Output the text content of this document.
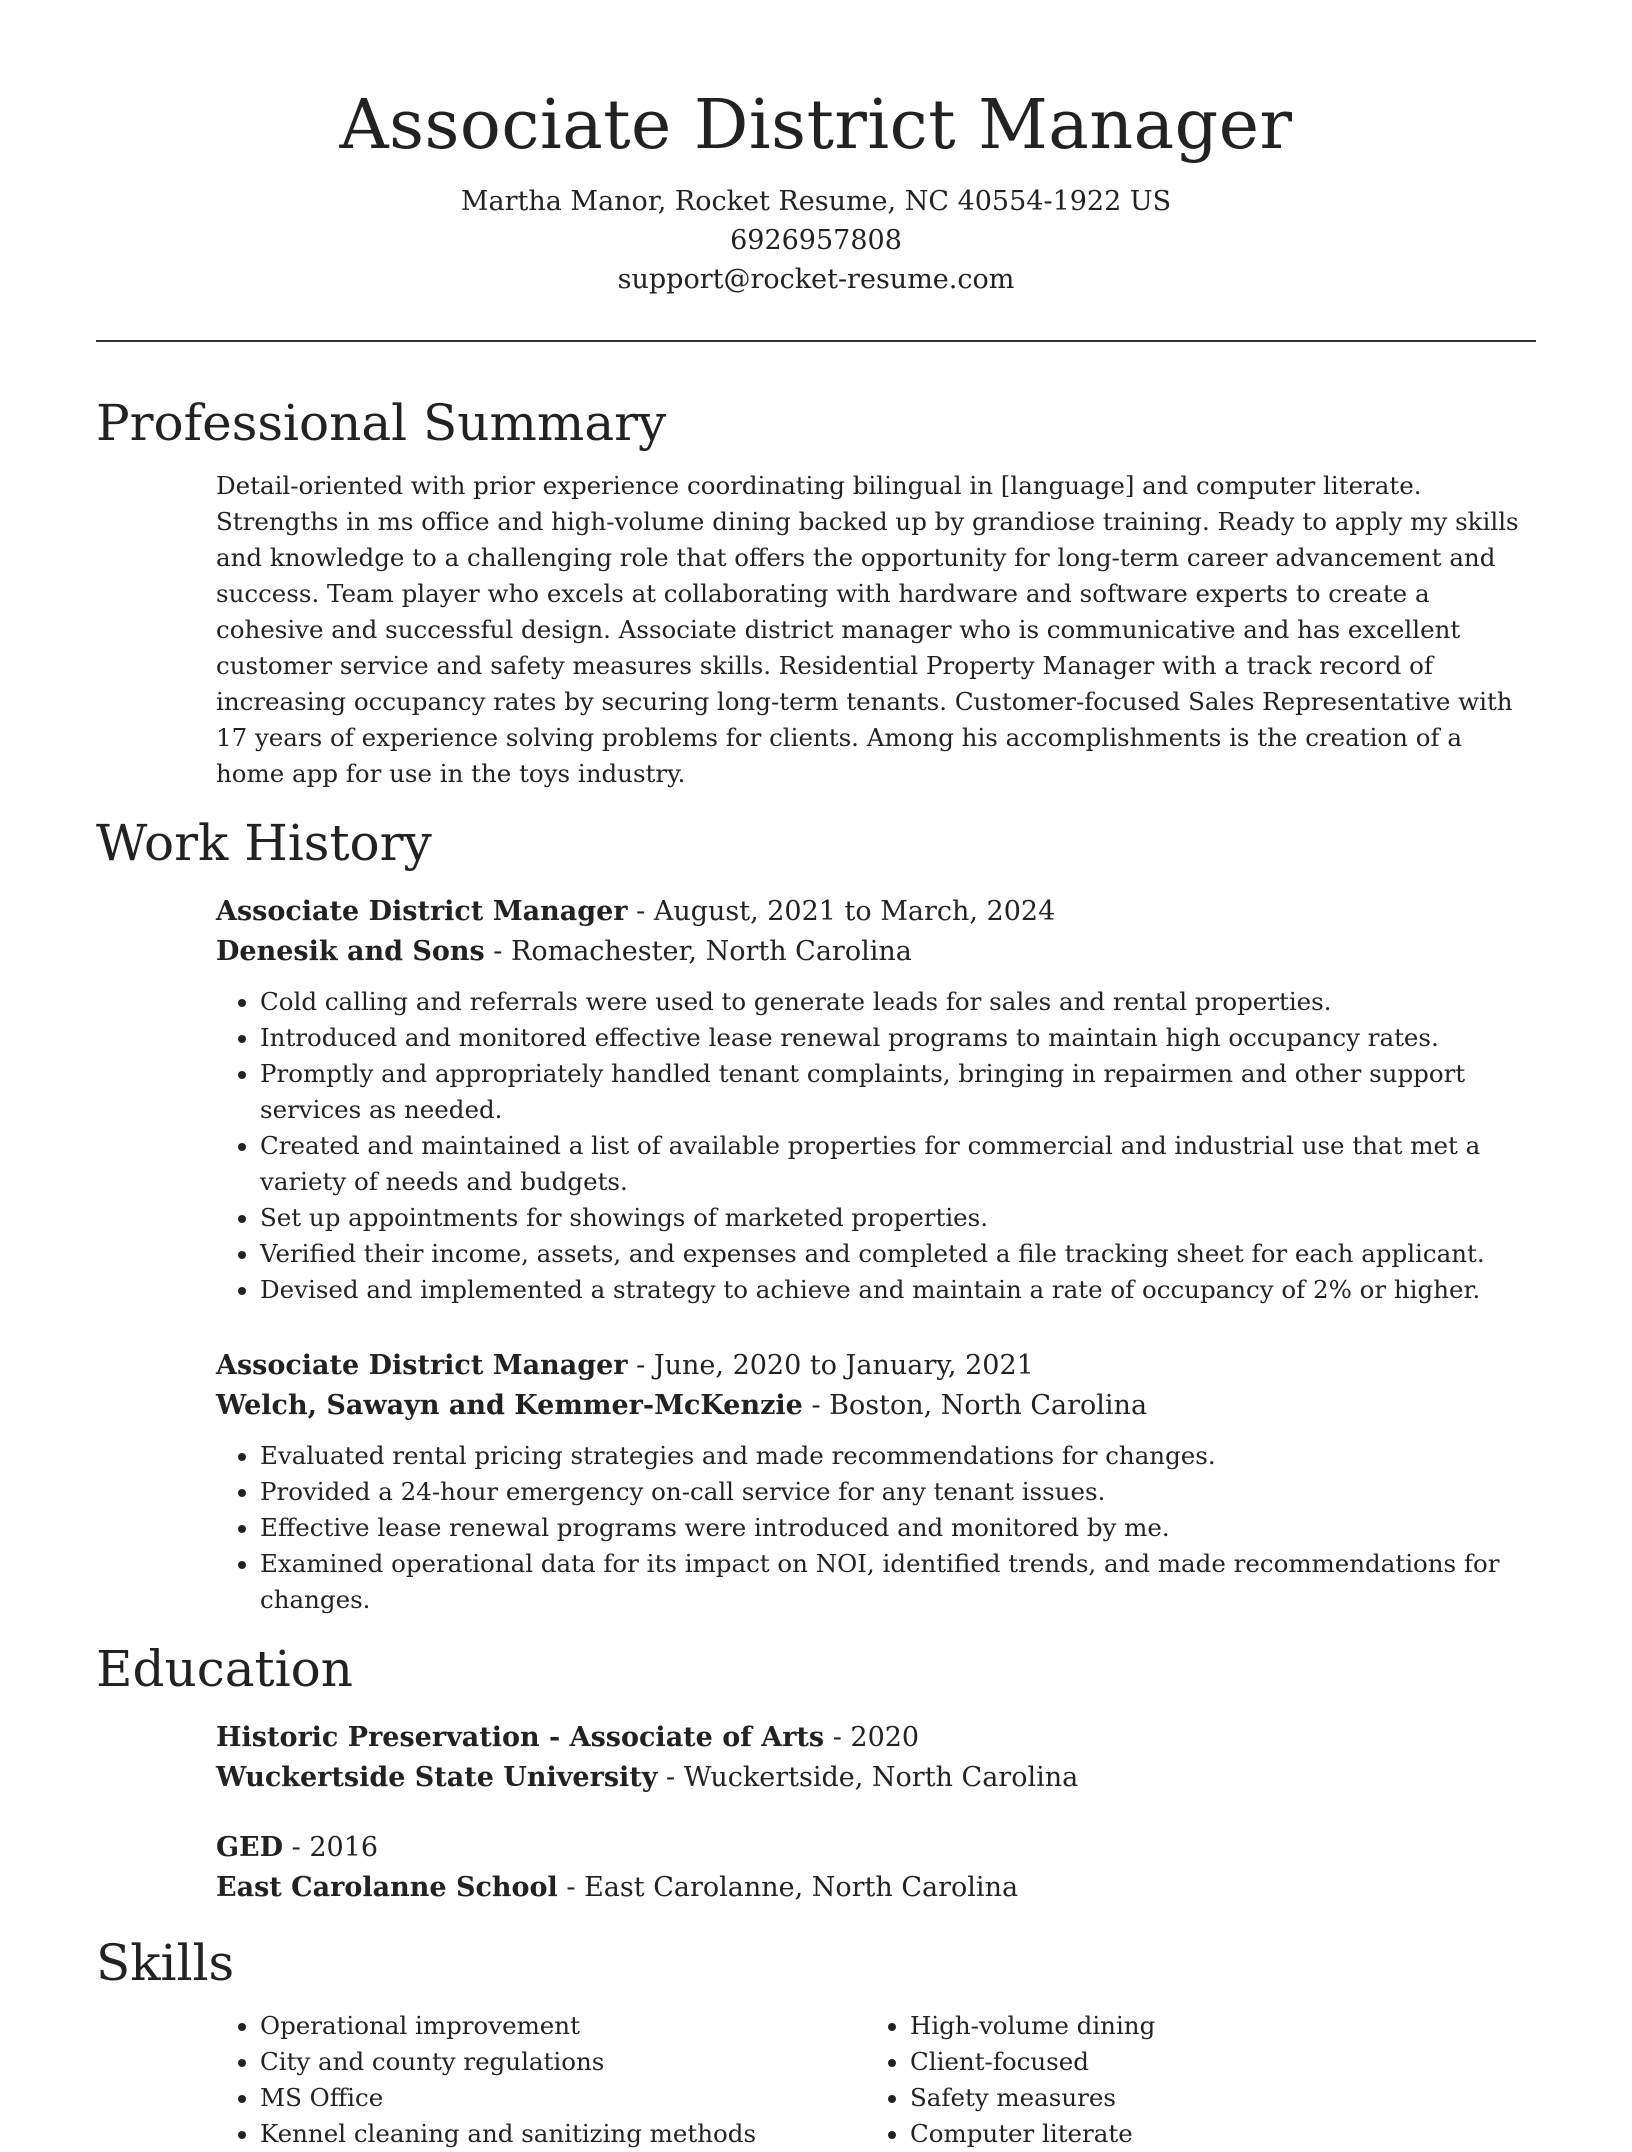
Associate District Manager

Martha Manor, Rocket Resume, NC 40554-1922 US

6926957808

support@rocket-resume.com

Professional Summary

Detail-oriented with prior experience coordinating bilingual in [language] and computer literate. Strengths in ms office and high-volume dining backed up by grandiose training. Ready to apply my skills and knowledge to a challenging role that offers the opportunity for long-term career advancement and success. Team player who excels at collaborating with hardware and software experts to create a cohesive and successful design. Associate district manager who is communicative and has excellent customer service and safety measures skills. Residential Property Manager with a track record of increasing occupancy rates by securing long-term tenants. Customer-focused Sales Representative with 17 years of experience solving problems for clients. Among his accomplishments is the creation of a home app for use in the toys industry.

Work History

Associate District Manager - August, 2021 to March, 2024

Denesik and Sons - Romachester, North Carolina

• Cold calling and referrals were used to generate leads for sales and rental properties.
• Introduced and monitored effective lease renewal programs to maintain high occupancy rates.
• Promptly and appropriately handled tenant complaints, bringing in repairmen and other support services as needed.
• Created and maintained a list of available properties for commercial and industrial use that met a variety of needs and budgets.
• Set up appointments for showings of marketed properties.
• Verified their income, assets, and expenses and completed a file tracking sheet for each applicant.
• Devised and implemented a strategy to achieve and maintain a rate of occupancy of 2% or higher.

Associate District Manager - June, 2020 to January, 2021

Welch, Sawayn and Kemmer-McKenzie - Boston, North Carolina

• Evaluated rental pricing strategies and made recommendations for changes.
• Provided a 24-hour emergency on-call service for any tenant issues.
• Effective lease renewal programs were introduced and monitored by me.
• Examined operational data for its impact on NOI, identified trends, and made recommendations for changes.
Education

Historic Preservation - Associate of Arts - 2020

Wuckertside State University - Wuckertside, North Carolina

GED - 2016

East Carolanne School - East Carolanne, North Carolina

Skills
• Operational improvement
• City and county regulations
• MS Office
• Kennel cleaning and sanitizing methods
• High-volume dining
• Client-focused
• Safety measures
• Computer literate
